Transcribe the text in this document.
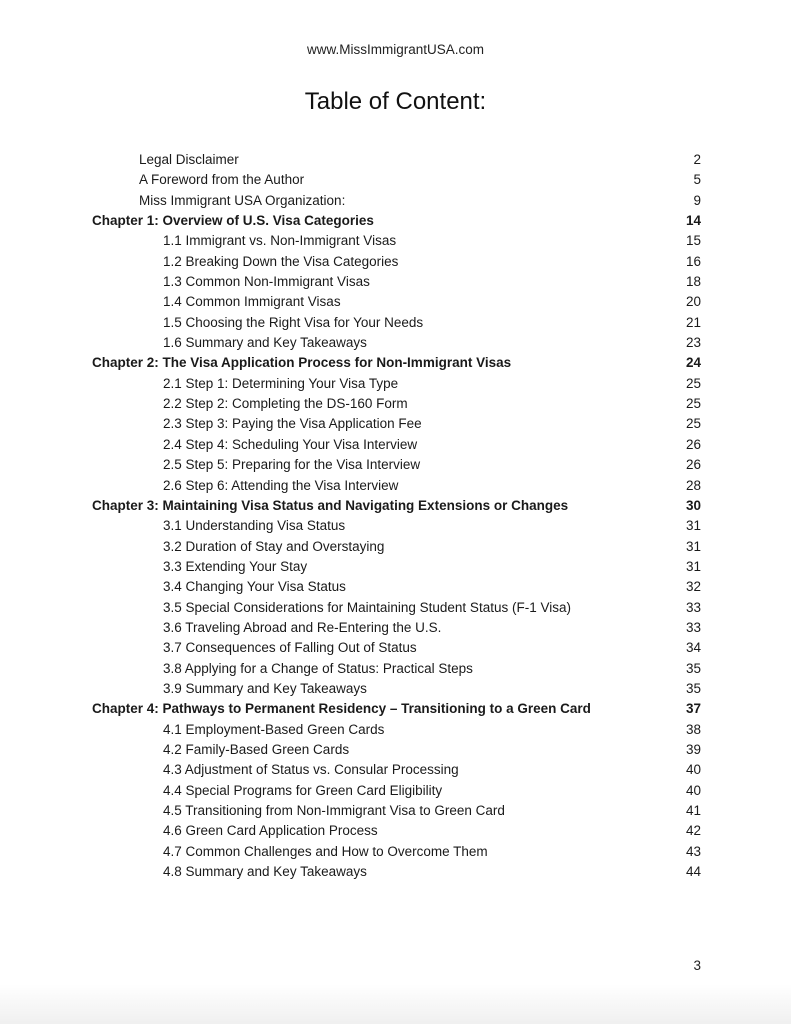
www.MissImmigrantUSA.com
Table of Content:
Legal Disclaimer	2
A Foreword from the Author	5
Miss Immigrant USA Organization:	9
Chapter 1: Overview of U.S. Visa Categories	14
1.1 Immigrant vs. Non-Immigrant Visas	15
1.2 Breaking Down the Visa Categories	16
1.3 Common Non-Immigrant Visas	18
1.4 Common Immigrant Visas	20
1.5 Choosing the Right Visa for Your Needs	21
1.6 Summary and Key Takeaways	23
Chapter 2: The Visa Application Process for Non-Immigrant Visas	24
2.1 Step 1: Determining Your Visa Type	25
2.2 Step 2: Completing the DS-160 Form	25
2.3 Step 3: Paying the Visa Application Fee	25
2.4 Step 4: Scheduling Your Visa Interview	26
2.5 Step 5: Preparing for the Visa Interview	26
2.6 Step 6: Attending the Visa Interview	28
Chapter 3: Maintaining Visa Status and Navigating Extensions or Changes	30
3.1 Understanding Visa Status	31
3.2 Duration of Stay and Overstaying	31
3.3 Extending Your Stay	31
3.4 Changing Your Visa Status	32
3.5 Special Considerations for Maintaining Student Status (F-1 Visa)	33
3.6 Traveling Abroad and Re-Entering the U.S.	33
3.7 Consequences of Falling Out of Status	34
3.8 Applying for a Change of Status: Practical Steps	35
3.9 Summary and Key Takeaways	35
Chapter 4: Pathways to Permanent Residency – Transitioning to a Green Card	37
4.1 Employment-Based Green Cards	38
4.2 Family-Based Green Cards	39
4.3 Adjustment of Status vs. Consular Processing	40
4.4 Special Programs for Green Card Eligibility	40
4.5 Transitioning from Non-Immigrant Visa to Green Card	41
4.6 Green Card Application Process	42
4.7 Common Challenges and How to Overcome Them	43
4.8 Summary and Key Takeaways	44
3
